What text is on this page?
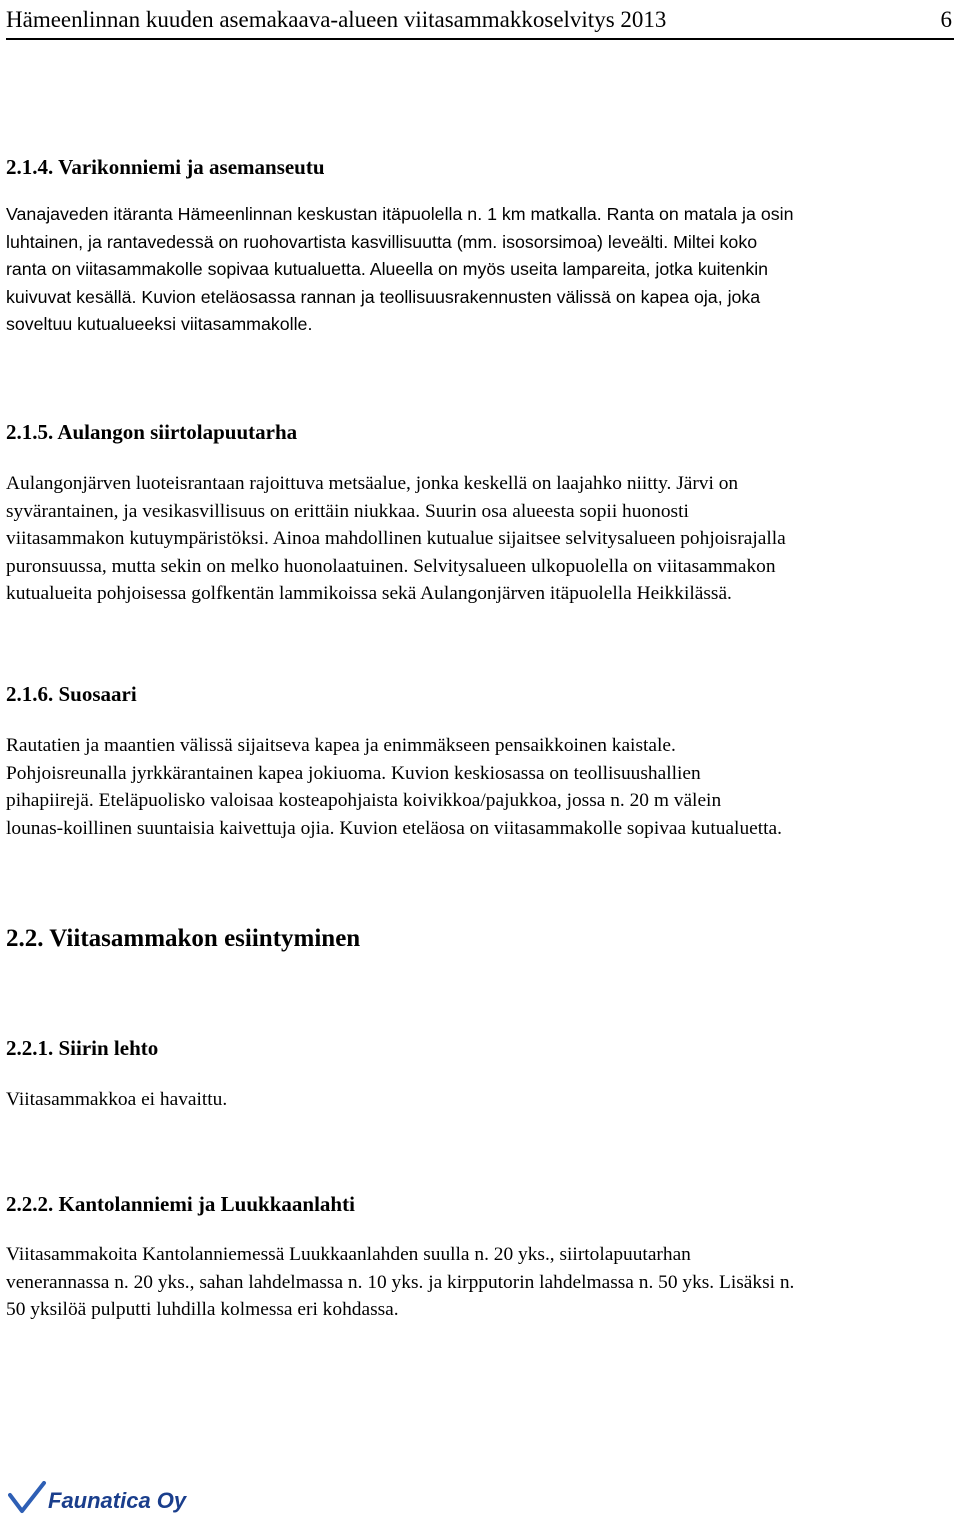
Hämeenlinnan kuuden asemakaava-alueen viitasammakkoselvitys 2013	6
2.1.4. Varikonniemi ja asemanseutu

Vanajaveden itäranta Hämeenlinnan keskustan itäpuolella n. 1 km matkalla. Ranta on matala ja osin
luhtainen, ja rantavedessä on ruohovartista kasvillisuutta (mm. isosorsimoa) leveälti. Miltei koko
ranta on viitasammakolle sopivaa kutualuetta. Alueella on myös useita lampareita, jotka kuitenkin
kuivuvat kesällä. Kuvion eteläosassa rannan ja teollisuusrakennusten välissä on kapea oja, joka
soveltuu kutualueeksi viitasammakolle.

2.1.5. Aulangon siirtolapuutarha

Aulangonjärven luoteisrantaan rajoittuva metsäalue, jonka keskellä on laajahko niitty. Järvi on
syvärantainen, ja vesikasvillisuus on erittäin niukkaa. Suurin osa alueesta sopii huonosti
viitasammakon kutuympäristöksi. Ainoa mahdollinen kutualue sijaitsee selvitysalueen pohjoisrajalla
puronsuussa, mutta sekin on melko huonolaatuinen. Selvitysalueen ulkopuolella on viitasammakon
kutualueita pohjoisessa golfkentän lammikoissa sekä Aulangonjärven itäpuolella Heikkilässä.

2.1.6. Suosaari

Rautatien ja maantien välissä sijaitseva kapea ja enimmäkseen pensaikkoinen kaistale.
Pohjoisreunalla jyrkkärantainen kapea jokiuoma. Kuvion keskiosassa on teollisuushallien
pihapiirejä. Eteläpuolisko valoisaa kosteapohjaista koivikkoa/pajukkoa, jossa n. 20 m välein
lounas-koillinen suuntaisia kaivettuja ojia. Kuvion eteläosa on viitasammakolle sopivaa kutualuetta.

2.2. Viitasammakon esiintyminen
2.2.1. Siirin lehto

Viitasammakkoa ei havaittu.

2.2.2. Kantolanniemi ja Luukkaanlahti

Viitasammakoita Kantolanniemessä Luukkaanlahden suulla n. 20 yks., siirtolapuutarhan
venerannassa n. 20 yks., sahan lahdelmassa n. 10 yks. ja kirpputorin lahdelmassa n. 50 yks. Lisäksi n.
50 yksilöä pulputti luhdilla kolmessa eri kohdassa.

Faunatica Oy
